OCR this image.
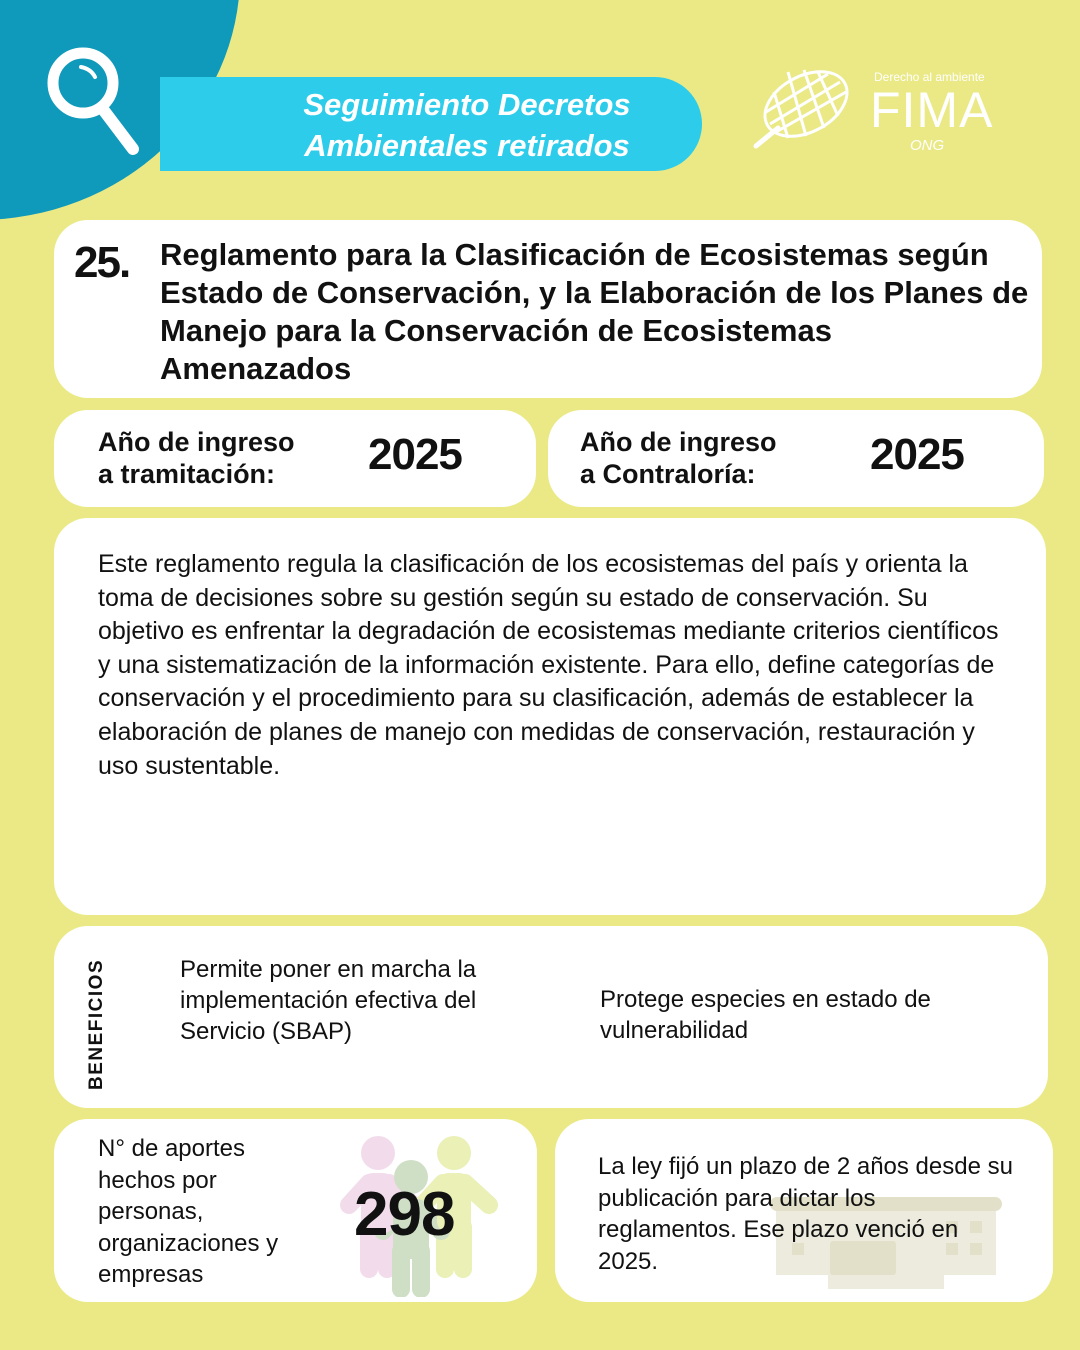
Seguimiento Decretos
Ambientales retirados
Derecho al ambiente
FIMA
ONG
25. Reglamento para la Clasificación de Ecosistemas según Estado de Conservación, y la Elaboración de los Planes de Manejo para la Conservación de Ecosistemas Amenazados
Año de ingreso
a tramitación:	2025	Año de ingreso
a Contraloría:	2025
Este reglamento regula la clasificación de los ecosistemas del país y orienta la toma de decisiones sobre su gestión según su estado de conservación. Su objetivo es enfrentar la degradación de ecosistemas mediante criterios científicos y una sistematización de la información existente. Para ello, define categorías de conservación y el procedimiento para su clasificación, además de establecer la elaboración de planes de manejo con medidas de conservación, restauración y uso sustentable.
BENEFICIOS	Permite poner en marcha la implementación efectiva del Servicio (SBAP)
Protege especies en estado de vulnerabilidad
N° de aportes hechos por personas, organizaciones y empresas
298
La ley fijó un plazo de 2 años desde su publicación para dictar los reglamentos. Ese plazo venció en 2025.
